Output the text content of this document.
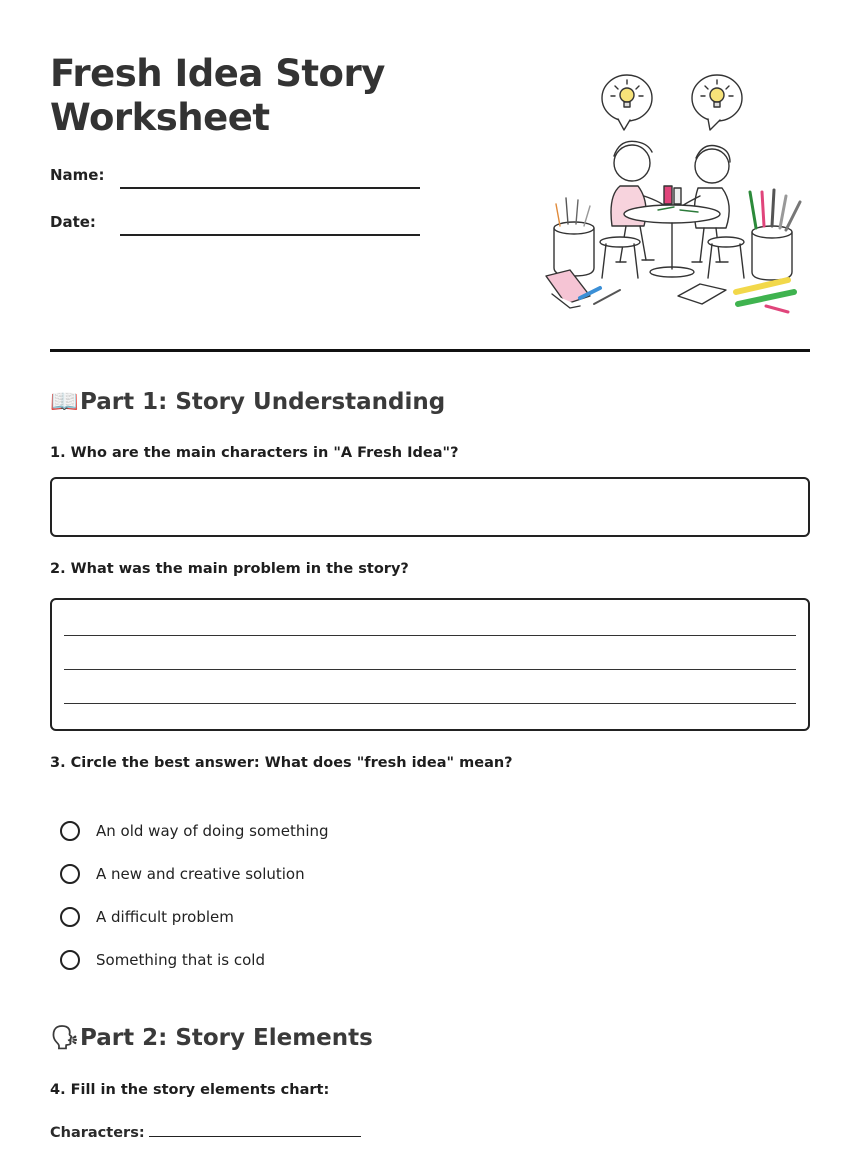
Fresh Idea Story Worksheet
Name:
Date:
📖Part 1: Story Understanding
1. Who are the main characters in "A Fresh Idea"?
2. What was the main problem in the story?
3. Circle the best answer: What does "fresh idea" mean?
An old way of doing something
A new and creative solution
A difficult problem
Something that is cold
🗣Part 2: Story Elements
4. Fill in the story elements chart:
Characters:
